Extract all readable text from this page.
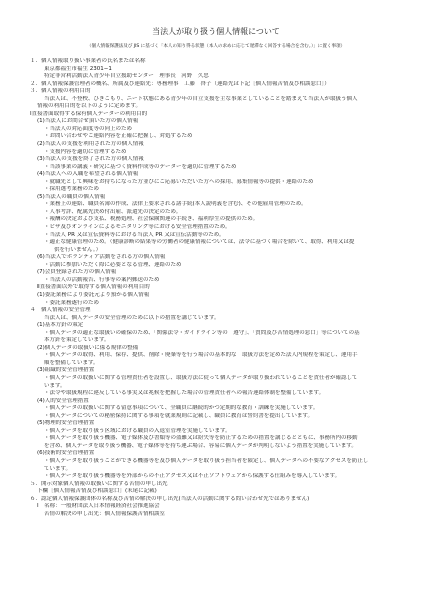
当法人が取り扱う個人情報について
（個人情報保護法及び JIS に基づく「本人の知り得る状態（本人の求めに応じて遅滞なく回答する場合を含む。）」に置く事項）
１．個人情報取り扱い事業者の氏名または名称
東京都福生市福生 2301−1
特定非営利活動法人青少年自立援助センター　理事長　河野　久忠
２．個人情報保護管理者の概名、所属及び連絡先：専務理事　工藤　啓子（連絡先は下記［個人情報苦情及び相談窓口］）
３．個人情報の利用目的
当法人は、不登校、ひきこもり、ニート状態にある青少年の自立支援を主な事業としていることを踏まえて当法人が取扱う個人
情報の利用目的を以下のように定めます。
Ⅰ直接書面取得する保有個人データーの利用目的
(1)当法人にお問合せ頂いた方の個人情報
・当法人の対応面度等の向上のため
・お問い合わせやご連絡内容を正確に把握し、対処するため
(2)当法人の支援を利用された方の個人情報
・支援内容を適切に管理するため
(3)当法人の支援を終了された方の個人情報
・当該事業の講義・研究に基づく資料作成等のデーターを適切に管理するため
(4)当法人への入職を希望される個人情報
・就職先として興味をお持ちになった方並びにご応募いただいた方への採用、募集情報等の提供・連絡のため
・採用選考業務のため
(5)当法人の職員の個人情報
・業務上の連絡、職員名簿の作成、法律上要求される諸手続(本人説明義を含む)、その他雇用管理のため。
・人事考評、配属先決め付出雇、派遣先の決定のため。
・報酬の決定および支払、税務処理、社会保険関連の手続き、福利厚生の提供のため。
・ビザ及びオンラインによるモニタリング等における安全管理措置のため。
・当法人 PR 又は宣伝資料等における当法人 PR 又は宣伝活動等のため。
・適正な健康管理のため。（健康診断の結果等の労働者の健康情報については、法令に基づく場合を除いて、取得、利用又は提
供を行いません。）
(6)当法人でボランティア活動をされる方の個人情報
・活動に参加いただく際に必要となる管理、連絡のため
(7)会員登録された方の個人情報
・当法人の活動報告、行事等の案内郵送のため
Ⅱ直接書面以外で取得する個人情報の利用目的
(1)委託業務により委託元より預かる個人情報
・委託業務遂行のため
４　個人情報の安全管理
当法人は、個人データの安全管理のために以下の措置を講じています。
(1)基本方針の策定
・個人データの適正な取扱いの確保のため、「関係法令・ガイドライン等の　遵守」、「質問及び苦情処理の窓口」等についての基
本方針を策定しています。
(2)個人データの取扱いに係る規律の整備
・個人データの取得、利用、保存、提供、削除・廃棄等を行う場合の基本的な　取扱方法を定めた法人内規程を策定し、運用手
順を整備しています。
(3)組織的安全管理措置
・個人データの取扱いに関する管理責任者を設置し、取扱方法に従って個人データが取り扱われていることを責任者が確認して
います。
・法令や取扱規程に違反している事実又は兆候を把握した場合の管理責任者への報告連絡体制を整備しています。
(4)人的安全管理措置
・個人データの取扱いに関する留意事項について、全職員に継続的かつ定期的な教育・訓練を実施しています。
・個人データについての秘密保持に関する事項を就業規則に記載し、職員に教育は誓約書を提出しています。
(5)物理的安全管理措置
・個人データを取り扱う区域における職員の入退室管理を実施しています。
・個人データを取り扱う機器、電子媒体及び書類等の盗難又は紛失等を防止するための措置を講じるとともに、事務所内の移動
を含め、個人データを取り扱う機器、電子媒体等を持ち運ぶ場合、容易に個人データが判明しないよう措置を実施しています。
(6)技術的安全管理措置
・個人データを取り扱うことができる機器等を及び個人データを取り扱う担当者を限定し、個人データへの不要なアクセスを防止し
ています。
・個人データを取り扱う機器等を外部からの不正アクセス又は不正ソフトウェアから保護する仕組みを導入しています。
５．開示対象個人情報の取扱いに関する苦情の申し出先
下欄［個人情報苦情及び相談窓口］(末尾に記載)
６．認定個人情報保護団体の名称及び苦情の解決の申し出先(当法人の活動に関する問い合わせ先ではありません)
Ⅰ　名称：一般財団法人日本情報経済社会推進協会
苦情の解決の申し出先：個人情報保護苦情相談室
